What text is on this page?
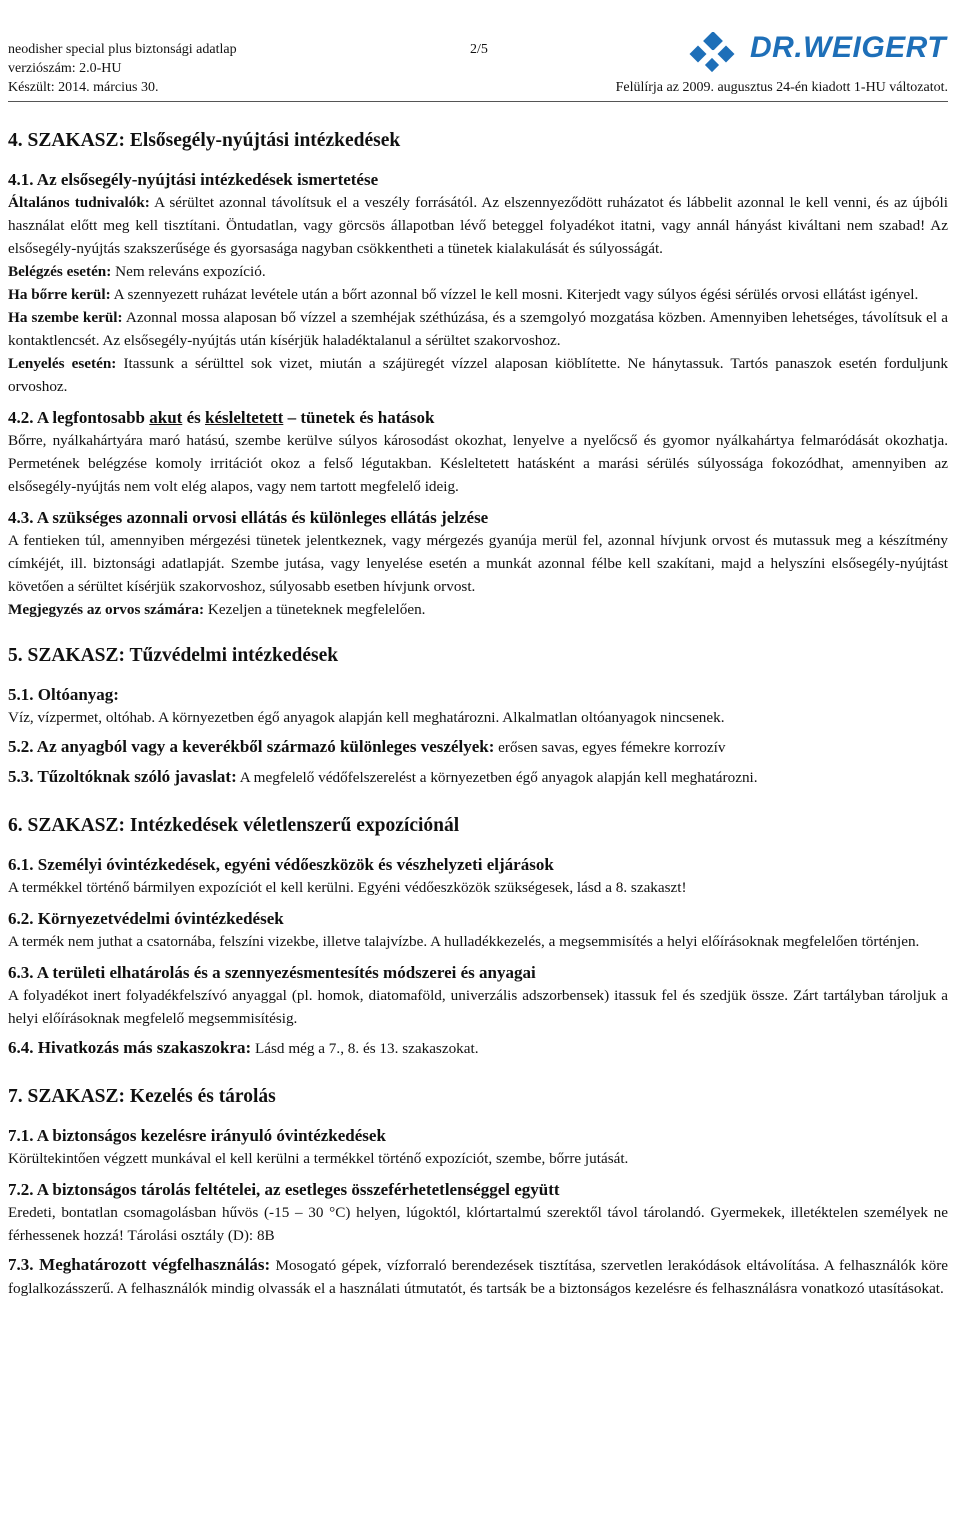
neodisher special plus biztonsági adatlap
verziószám: 2.0-HU
Készült: 2014. március 30.
2/5	DR.WEIGERT
Felülírja az 2009. augusztus 24-én kiadott 1-HU változatot.
4. SZAKASZ: Elsősegély-nyújtási intézkedések
4.1. Az elsősegély-nyújtási intézkedések ismertetése

Általános tudnivalók: A sérültet azonnal távolítsuk el a veszély forrásától. Az elszennyeződött ruházatot és lábbelit azonnal le kell venni, és az újbóli használat előtt meg kell tisztítani. Öntudatlan, vagy görcsös állapotban lévő beteggel folyadékot itatni, vagy annál hányást kiváltani nem szabad! Az elsősegély-nyújtás szakszerűsége és gyorsasága nagyban csökkentheti a tünetek kialakulását és súlyosságát.

Belégzés esetén: Nem releváns expozíció.

Ha bőrre kerül: A szennyezett ruházat levétele után a bőrt azonnal bő vízzel le kell mosni. Kiterjedt vagy súlyos égési sérülés orvosi ellátást igényel.

Ha szembe kerül: Azonnal mossa alaposan bő vízzel a szemhéjak széthúzása, és a szemgolyó mozgatása közben. Amennyiben lehetséges, távolítsuk el a kontaktlencsét. Az elsősegély-nyújtás után kísérjük haladéktalanul a sérültet szakorvoshoz.

Lenyelés esetén: Itassunk a sérülttel sok vizet, miután a szájüregét vízzel alaposan kiöblítette. Ne hánytassuk. Tartós panaszok esetén forduljunk orvoshoz.

4.2. A legfontosabb akut és késleltetett – tünetek és hatások

Bőrre, nyálkahártyára maró hatású, szembe kerülve súlyos károsodást okozhat, lenyelve a nyelőcső és gyomor nyálkahártya felmaródását okozhatja. Permetének belégzése komoly irritációt okoz a felső légutakban. Késleltetett hatásként a marási sérülés súlyossága fokozódhat, amennyiben az elsősegély-nyújtás nem volt elég alapos, vagy nem tartott megfelelő ideig.

4.3. A szükséges azonnali orvosi ellátás és különleges ellátás jelzése

A fentieken túl, amennyiben mérgezési tünetek jelentkeznek, vagy mérgezés gyanúja merül fel, azonnal hívjunk orvost és mutassuk meg a készítmény címkéjét, ill. biztonsági adatlapját. Szembe jutása, vagy lenyelése esetén a munkát azonnal félbe kell szakítani, majd a helyszíni elsősegély-nyújtást követően a sérültet kísérjük szakorvoshoz, súlyosabb esetben hívjunk orvost.

Megjegyzés az orvos számára: Kezeljen a tüneteknek megfelelően.

5. SZAKASZ: Tűzvédelmi intézkedések
5.1. Oltóanyag:

Víz, vízpermet, oltóhab. A környezetben égő anyagok alapján kell meghatározni. Alkalmatlan oltóanyagok nincsenek.

5.2. Az anyagból vagy a keverékből származó különleges veszélyek: erősen savas, egyes fémekre korrozív

5.3. Tűzoltóknak szóló javaslat: A megfelelő védőfelszerelést a környezetben égő anyagok alapján kell meghatározni.

6. SZAKASZ: Intézkedések véletlenszerű expozíciónál
6.1. Személyi óvintézkedések, egyéni védőeszközök és vészhelyzeti eljárások

A termékkel történő bármilyen expozíciót el kell kerülni. Egyéni védőeszközök szükségesek, lásd a 8. szakaszt!

6.2. Környezetvédelmi óvintézkedések

A termék nem juthat a csatornába, felszíni vizekbe, illetve talajvízbe. A hulladékkezelés, a megsemmisítés a helyi előírásoknak megfelelően történjen.

6.3. A területi elhatárolás és a szennyezésmentesítés módszerei és anyagai

A folyadékot inert folyadékfelszívó anyaggal (pl. homok, diatomaföld, univerzális adszorbensek) itassuk fel és szedjük össze. Zárt tartályban tároljuk a helyi előírásoknak megfelelő megsemmisítésig.

6.4. Hivatkozás más szakaszokra: Lásd még a 7., 8. és 13. szakaszokat.

7. SZAKASZ: Kezelés és tárolás
7.1. A biztonságos kezelésre irányuló óvintézkedések

Körültekintően végzett munkával el kell kerülni a termékkel történő expozíciót, szembe, bőrre jutását.

7.2. A biztonságos tárolás feltételei, az esetleges összeférhetetlenséggel együtt

Eredeti, bontatlan csomagolásban hűvös (-15 – 30 °C) helyen, lúgoktól, klórtartalmú szerektől távol tárolandó. Gyermekek, illetéktelen személyek ne férhessenek hozzá! Tárolási osztály (D): 8B

7.3. Meghatározott végfelhasználás: Mosogató gépek, vízforraló berendezések tisztítása, szervetlen lerakódások eltávolítása. A felhasználók köre foglalkozásszerű. A felhasználók mindig olvassák el a használati útmutatót, és tartsák be a biztonságos kezelésre és felhasználásra vonatkozó utasításokat.
